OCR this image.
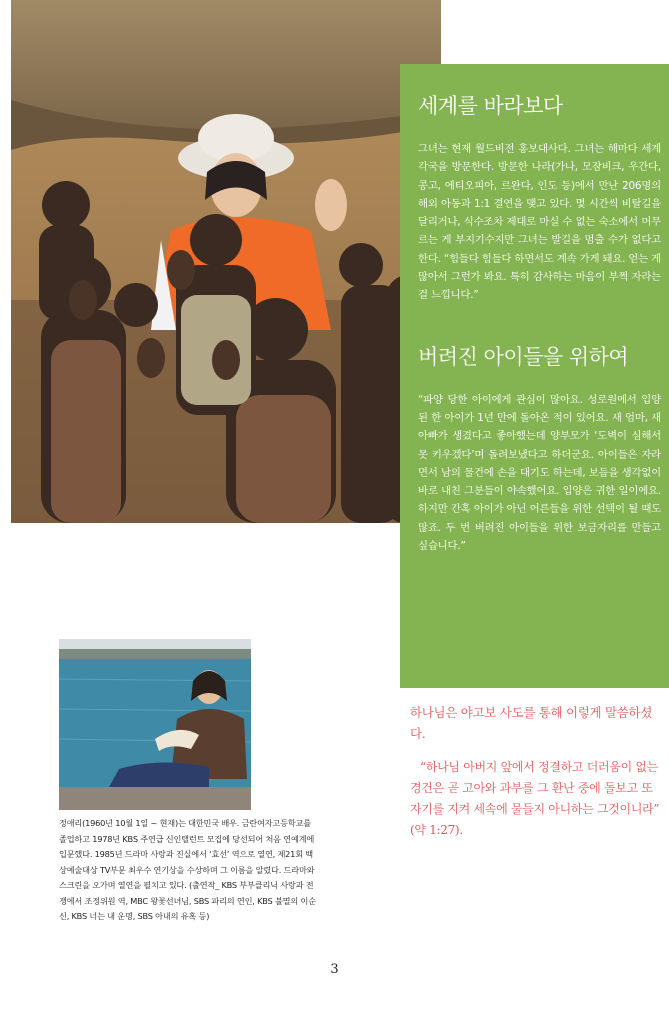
세계를 바라보다

그녀는 현재 월드비전 홍보대사다. 그녀는 해마다 세계 각국을 방문한다. 방문한 나라(가나, 모잠비크, 우간다, 콩고, 에티오피아, 르완다, 인도 등)에서 만난 206명의 해외 아동과 1:1 결연을 맺고 있다. 몇 시간씩 비탈길을 달리거나, 식수조차 제대로 마실 수 없는 숙소에서 머무르는 게 부지기수지만 그녀는 발길을 멈출 수가 없다고 한다. “힘들다 힘들다 하면서도 계속 가게 돼요. 얻는 게 많아서 그런가 봐요. 특히 감사하는 마음이 부쩍 자라는 걸 느낍니다.”

버려진 아이들을 위하여

“파양 당한 아이에게 관심이 많아요. 성로원에서 입양된 한 아이가 1년 만에 돌아온 적이 있어요. 새 엄마, 새 아빠가 생겼다고 좋아했는데 양부모가 ‘도벽이 심해서 못 키우겠다’며 돌려보냈다고 하더군요. 아이들은 자라면서 남의 물건에 손을 대기도 하는데, 보듬을 생각없이 바로 내친 그분들이 야속했어요. 입양은 귀한 일이에요. 하지만 간혹 아이가 아닌 어른들을 위한 선택이 될 때도 많죠. 두 번 버려진 아이들을 위한 보금자리를 만들고 싶습니다.”

하나님은 야고보 사도를 통해 이렇게 말씀하셨다.

“하나님 아버지 앞에서 정결하고 더러움이 없는 경건은 곧 고아와 과부를 그 환난 중에 돌보고 또 자기를 지켜 세속에 물들지 아니하는 그것이니라” (약 1:27).

정애리(1960년 10월 1일 ~ 현재)는 대한민국 배우. 금란여자고등학교를 졸업하고 1978년 KBS 주연급 신인탤런트 모집에 당선되어 처음 연예계에 입문했다. 1985년 드라마 사랑과 진실에서 ‘효선’ 역으로 열연, 제21회 백상예술대상 TV부문 최우수 연기상을 수상하며 그 이름을 알렸다. 드라마와 스크린을 오가며 열연을 펼치고 있다. (출연작_ KBS 부부클리닉 사랑과 전쟁에서 조정위원 역, MBC 왕꽃선녀님, SBS 파리의 연인, KBS 불멸의 이순신, KBS 너는 내 운명, SBS 아내의 유혹 등)

3
